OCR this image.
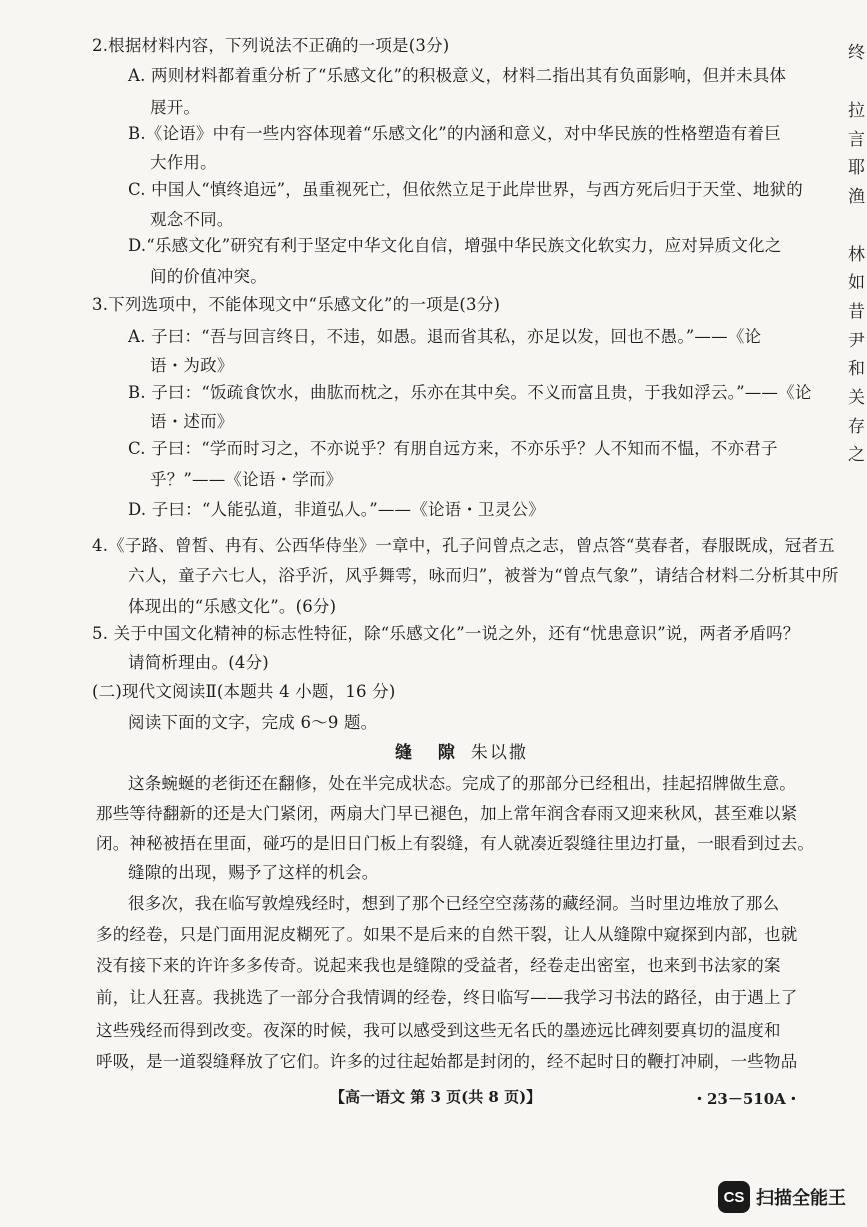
2.根据材料内容，下列说法不正确的一项是(3分)
A. 两则材料都着重分析了“乐感文化”的积极意义，材料二指出其有负面影响，但并未具体
展开。
B.《论语》中有一些内容体现着“乐感文化”的内涵和意义，对中华民族的性格塑造有着巨
大作用。
C. 中国人“慎终追远”，虽重视死亡，但依然立足于此岸世界，与西方死后归于天堂、地狱的
观念不同。
D.“乐感文化”研究有利于坚定中华文化自信，增强中华民族文化软实力，应对异质文化之
间的价值冲突。
3.下列选项中，不能体现文中“乐感文化”的一项是(3分)
A. 子曰：“吾与回言终日，不违，如愚。退而省其私，亦足以发，回也不愚。”——《论
语・为政》
B. 子曰：“饭疏食饮水，曲肱而枕之，乐亦在其中矣。不义而富且贵，于我如浮云。”——《论
语・述而》
C. 子曰：“学而时习之，不亦说乎？有朋自远方来，不亦乐乎？人不知而不愠，不亦君子
乎？”——《论语・学而》
D. 子曰：“人能弘道，非道弘人。”——《论语・卫灵公》
4.《子路、曾皙、冉有、公西华侍坐》一章中，孔子问曾点之志，曾点答“莫春者，春服既成，冠者五
六人，童子六七人，浴乎沂，风乎舞雩，咏而归”，被誉为“曾点气象”，请结合材料二分析其中所
体现出的“乐感文化”。(6分)
5. 关于中国文化精神的标志性特征，除“乐感文化”一说之外，还有“忧患意识”说，两者矛盾吗？
请简析理由。(4分)
(二)现代文阅读Ⅱ(本题共 4 小题，16 分)
阅读下面的文字，完成 6～9 题。
缝 隙 朱以撒
这条蜿蜒的老街还在翻修，处在半完成状态。完成了的那部分已经租出，挂起招牌做生意。
那些等待翻新的还是大门紧闭，两扇大门早已褪色，加上常年润含春雨又迎来秋风，甚至难以紧
闭。神秘被捂在里面，碰巧的是旧日门板上有裂缝，有人就凑近裂缝往里边打量，一眼看到过去。
缝隙的出现，赐予了这样的机会。
很多次，我在临写敦煌残经时，想到了那个已经空空荡荡的藏经洞。当时里边堆放了那么
多的经卷，只是门面用泥皮糊死了。如果不是后来的自然干裂，让人从缝隙中窥探到内部，也就
没有接下来的许许多多传奇。说起来我也是缝隙的受益者，经卷走出密室，也来到书法家的案
前，让人狂喜。我挑选了一部分合我情调的经卷，终日临写——我学习书法的路径，由于遇上了
这些残经而得到改变。夜深的时候，我可以感受到这些无名氏的墨迹远比碑刻要真切的温度和
呼吸，是一道裂缝释放了它们。许多的过往起始都是封闭的，经不起时日的鞭打冲刷，一些物品
【高一语文 第 3 页(共 8 页)】	・23－510A・
终
拉
言
耶
渔
林
如
昔
尹
和
关
存
之
CS 扫描全能王
